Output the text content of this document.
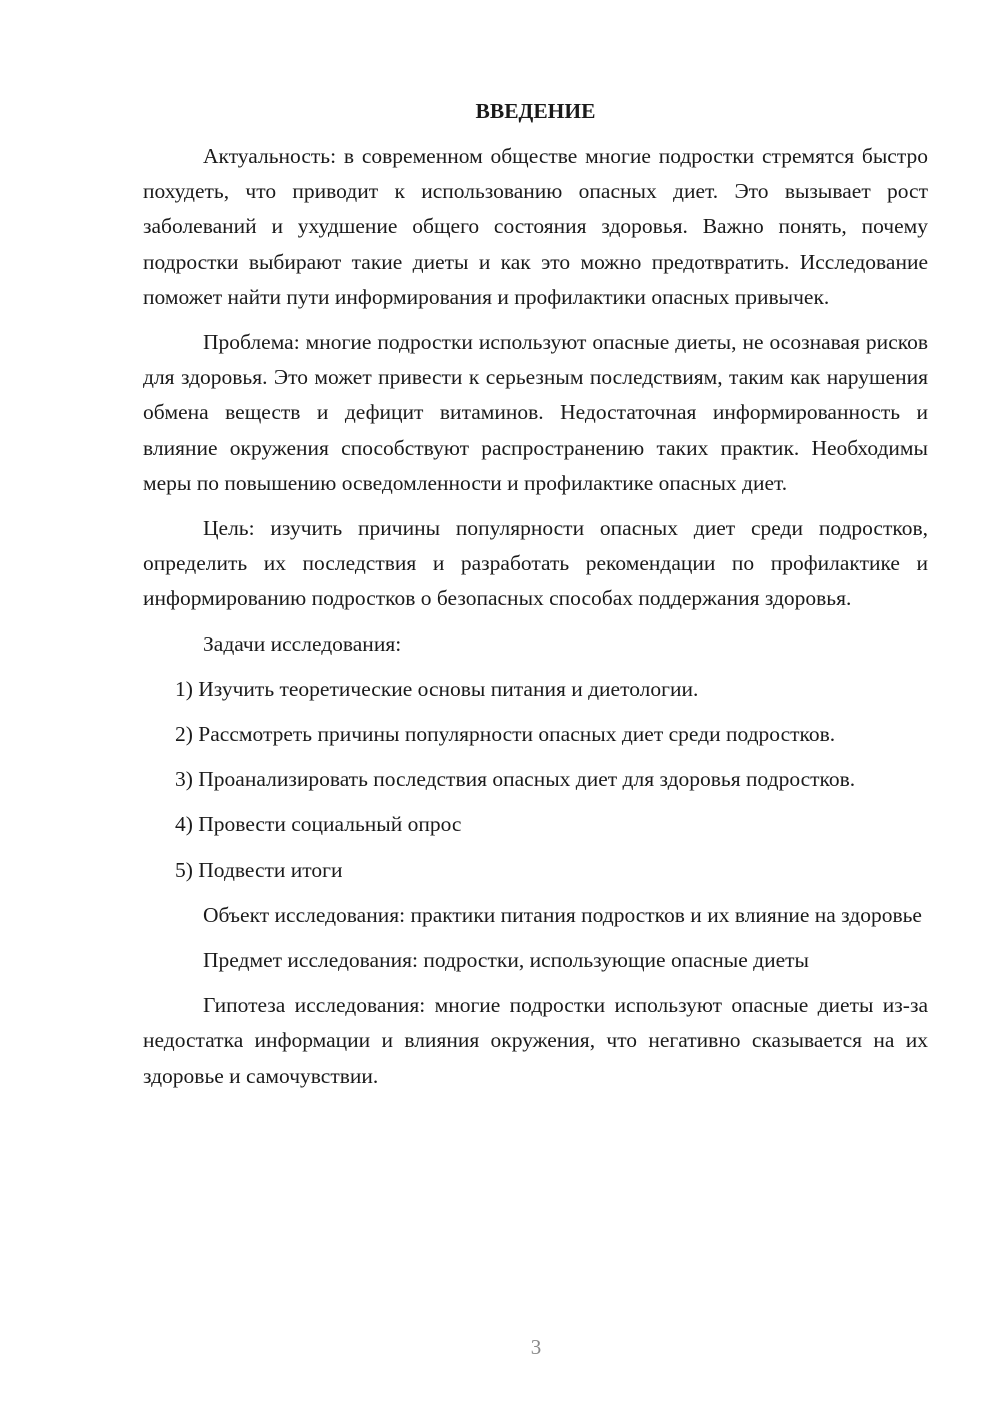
ВВЕДЕНИЕ

Актуальность: в современном обществе многие подростки стремятся быстро похудеть, что приводит к использованию опасных диет. Это вызывает рост заболеваний и ухудшение общего состояния здоровья. Важно понять, почему подростки выбирают такие диеты и как это можно предотвратить. Исследование поможет найти пути информирования и профилактики опасных привычек.

Проблема: многие подростки используют опасные диеты, не осознавая рисков для здоровья. Это может привести к серьезным последствиям, таким как нарушения обмена веществ и дефицит витаминов. Недостаточная информированность и влияние окружения способствуют распространению таких практик. Необходимы меры по повышению осведомленности и профилактике опасных диет.

Цель: изучить причины популярности опасных диет среди подростков, определить их последствия и разработать рекомендации по профилактике и информированию подростков о безопасных способах поддержания здоровья.

Задачи исследования:

1) Изучить теоретические основы питания и диетологии.

2) Рассмотреть причины популярности опасных диет среди подростков.

3) Проанализировать последствия опасных диет для здоровья подростков.

4) Провести социальный опрос

5) Подвести итоги

Объект исследования: практики питания подростков и их влияние на здоровье

Предмет исследования: подростки, использующие опасные диеты

Гипотеза исследования: многие подростки используют опасные диеты из-за недостатка информации и влияния окружения, что негативно сказывается на их здоровье и самочувствии.

3
